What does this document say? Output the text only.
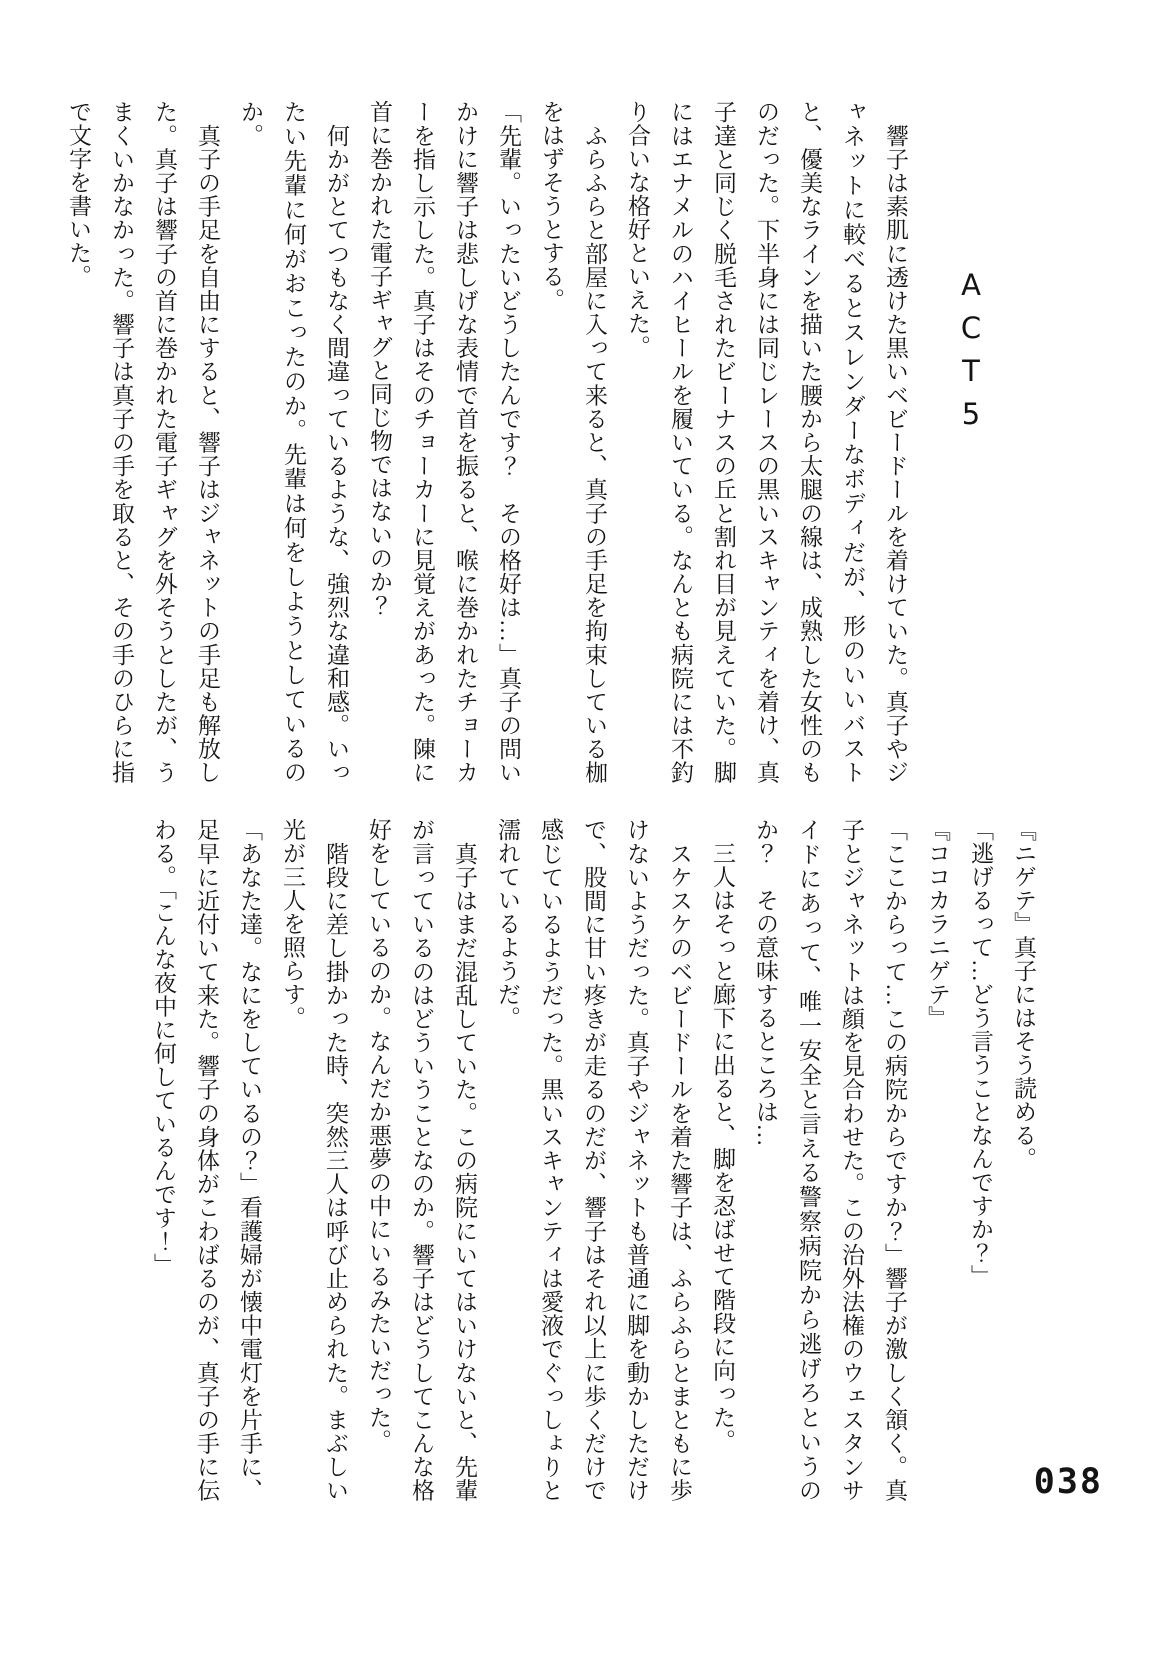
ACT5

　響子は素肌に透けた黒いベビードールを着けていた。真子やジャネットに較べるとスレンダーなボディだが、形のいいバストと、優美なラインを描いた腰から太腿の線は、成熟した女性のものだった。下半身には同じレースの黒いスキャンティを着け、真子達と同じく脱毛されたビーナスの丘と割れ目が見えていた。脚にはエナメルのハイヒールを履いている。なんとも病院には不釣り合いな格好といえた。

　ふらふらと部屋に入って来ると、真子の手足を拘束している枷をはずそうとする。

「先輩。いったいどうしたんです？　その格好は…」真子の問いかけに響子は悲しげな表情で首を振ると、喉に巻かれたチョーカーを指し示した。真子はそのチョーカーに見覚えがあった。陳に首に巻かれた電子ギャグと同じ物ではないのか？

　何かがとてつもなく間違っているような、強烈な違和感。いったい先輩に何がおこったのか。先輩は何をしようとしているのか。

　真子の手足を自由にすると、響子はジャネットの手足も解放した。真子は響子の首に巻かれた電子ギャグを外そうとしたが、うまくいかなかった。響子は真子の手を取ると、その手のひらに指で文字を書いた。

『ニゲテ』真子にはそう読める。

「逃げるって…どう言うことなんですか？」

『ココカラニゲテ』

「ここからって…この病院からですか？」響子が激しく頷く。真子とジャネットは顔を見合わせた。この治外法権のウェスタンサイドにあって、唯一安全と言える警察病院から逃げろというのか？　その意味するところは…

　三人はそっと廊下に出ると、脚を忍ばせて階段に向った。

　スケスケのベビードールを着た響子は、ふらふらとまともに歩けないようだった。真子やジャネットも普通に脚を動かしただけで、股間に甘い疼きが走るのだが、響子はそれ以上に歩くだけで感じているようだった。黒いスキャンティは愛液でぐっしょりと濡れているようだ。

　真子はまだ混乱していた。この病院にいてはいけないと、先輩が言っているのはどういうことなのか。響子はどうしてこんな格好をしているのか。なんだか悪夢の中にいるみたいだった。

　階段に差し掛かった時、突然三人は呼び止められた。まぶしい光が三人を照らす。

「あなた達。なにをしているの？」看護婦が懐中電灯を片手に、足早に近付いて来た。響子の身体がこわばるのが、真子の手に伝わる。「こんな夜中に何しているんです！」

038
